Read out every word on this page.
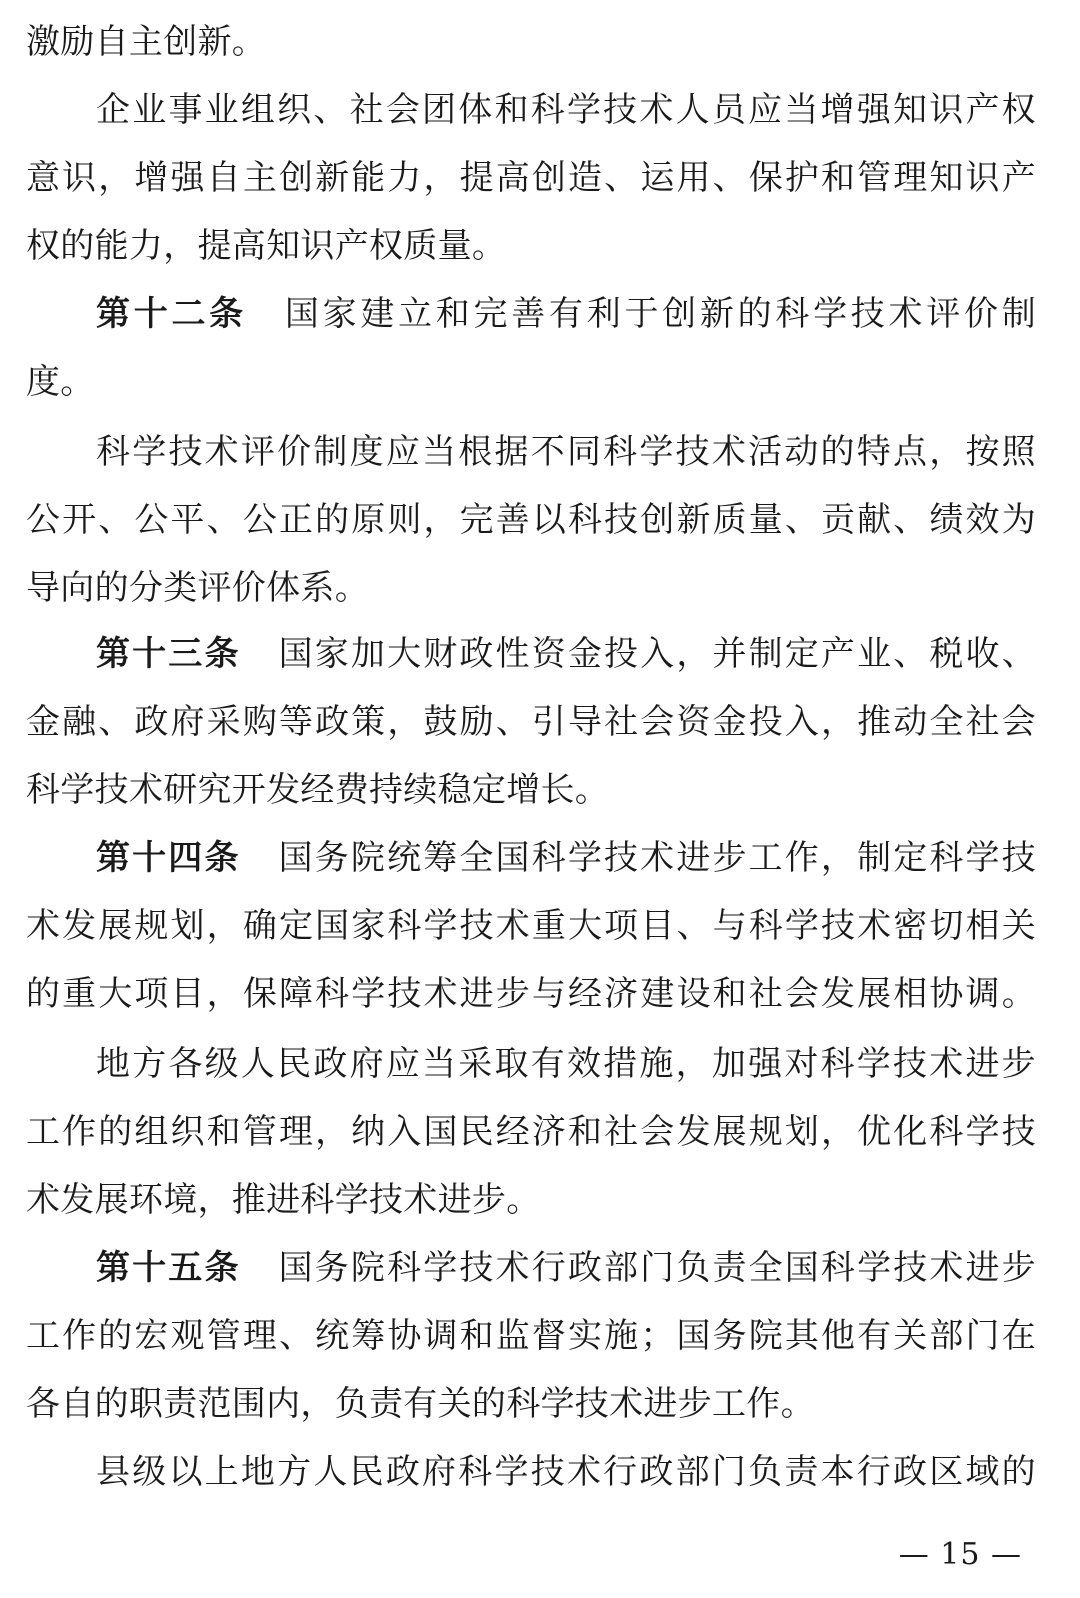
激励自主创新。
企业事业组织、社会团体和科学技术人员应当增强知识产权
意识，增强自主创新能力，提高创造、运用、保护和管理知识产
权的能力，提高知识产权质量。
第十二条 国家建立和完善有利于创新的科学技术评价制
度。
科学技术评价制度应当根据不同科学技术活动的特点，按照
公开、公平、公正的原则，完善以科技创新质量、贡献、绩效为
导向的分类评价体系。
第十三条 国家加大财政性资金投入，并制定产业、税收、
金融、政府采购等政策，鼓励、引导社会资金投入，推动全社会
科学技术研究开发经费持续稳定增长。
第十四条 国务院统筹全国科学技术进步工作，制定科学技
术发展规划，确定国家科学技术重大项目、与科学技术密切相关
的重大项目，保障科学技术进步与经济建设和社会发展相协调。
地方各级人民政府应当采取有效措施，加强对科学技术进步
工作的组织和管理，纳入国民经济和社会发展规划，优化科学技
术发展环境，推进科学技术进步。
第十五条 国务院科学技术行政部门负责全国科学技术进步
工作的宏观管理、统筹协调和监督实施；国务院其他有关部门在
各自的职责范围内，负责有关的科学技术进步工作。
县级以上地方人民政府科学技术行政部门负责本行政区域的
— 15 —
